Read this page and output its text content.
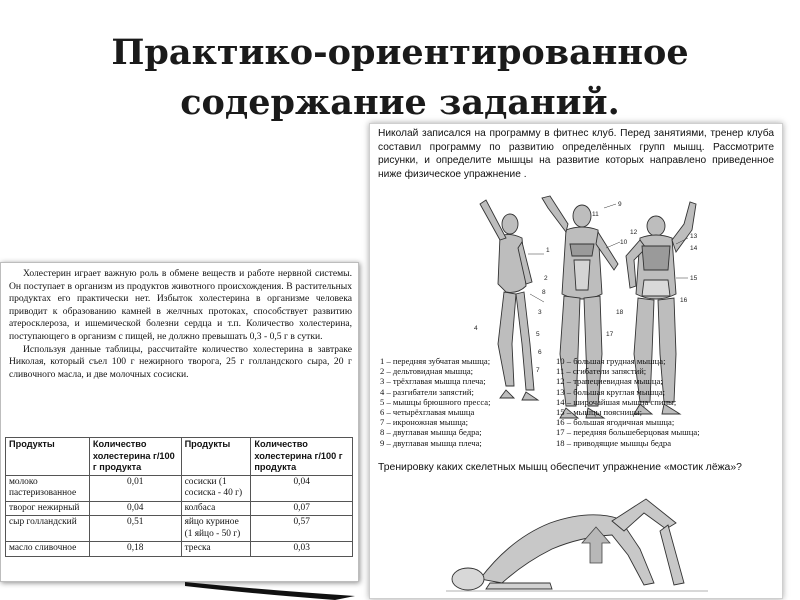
Практико-ориентированное
содержание заданий.
Николай записался на программу в фитнес клуб. Перед занятиями, тренер клуба составил программу по развитию определённых групп мышц. Рассмотрите рисунки, и определите мышцы на развитие которых направлено приведенное ниже физическое упражнение .
1
2
3
4
5
6
7
8
9
10
11
12
13
14
15
16
17
18
1 – передняя зубчатая мышца;
2 – дельтовидная мышца;
3 – трёхглавая мышца плеча;
4 – разгибатели запястий;
5 – мышцы брюшного пресса;
6 – четырёхглавая мышца
7 – икроножная мышца;
8 – двуглавая мышца бедра;
9 – двуглавая мышца плеча;
10 – большая грудная мышца;
11 – сгибатели запястий;
12 – трапециевидная мышца;
13 – большая круглая мышца;
14 – широчайшая мышца спины;
15 – мышцы поясницы;
16 – большая ягодичная мышца;
17 – передняя большеберцовая мышца;
18 – приводящие мышцы бедра
Тренировку каких скелетных мышц обеспечит упражнение «мостик лёжа»?

Холестерин играет важную роль в обмене веществ и работе нервной системы. Он поступает в организм из продуктов животного происхождения. В растительных продуктах его практически нет. Избыток холестерина в организме человека приводит к образованию камней в желчных протоках, способствует развитию атеросклероза, и ишемической болезни сердца и т.п. Количество холестерина, поступающего в организм с пищей, не должно превышать 0,3 - 0,5 г в сутки.

Используя данные таблицы, рассчитайте количество холестерина в завтраке Николая, который съел 100 г нежирного творога, 25 г голландского сыра, 20 г сливочного масла, и две молочных сосиски.

Продукты	Количество холестерина г/100 г продукта	Продукты	Количество холестерина г/100 г продукта
молоко пастеризованное	0,01	сосиски (1 сосиска - 40 г)	0,04
творог нежирный	0,04	колбаса	0,07
сыр голландский	0,51	яйцо куриное (1 яйцо - 50 г)	0,57
масло сливочное	0,18	треска	0,03
